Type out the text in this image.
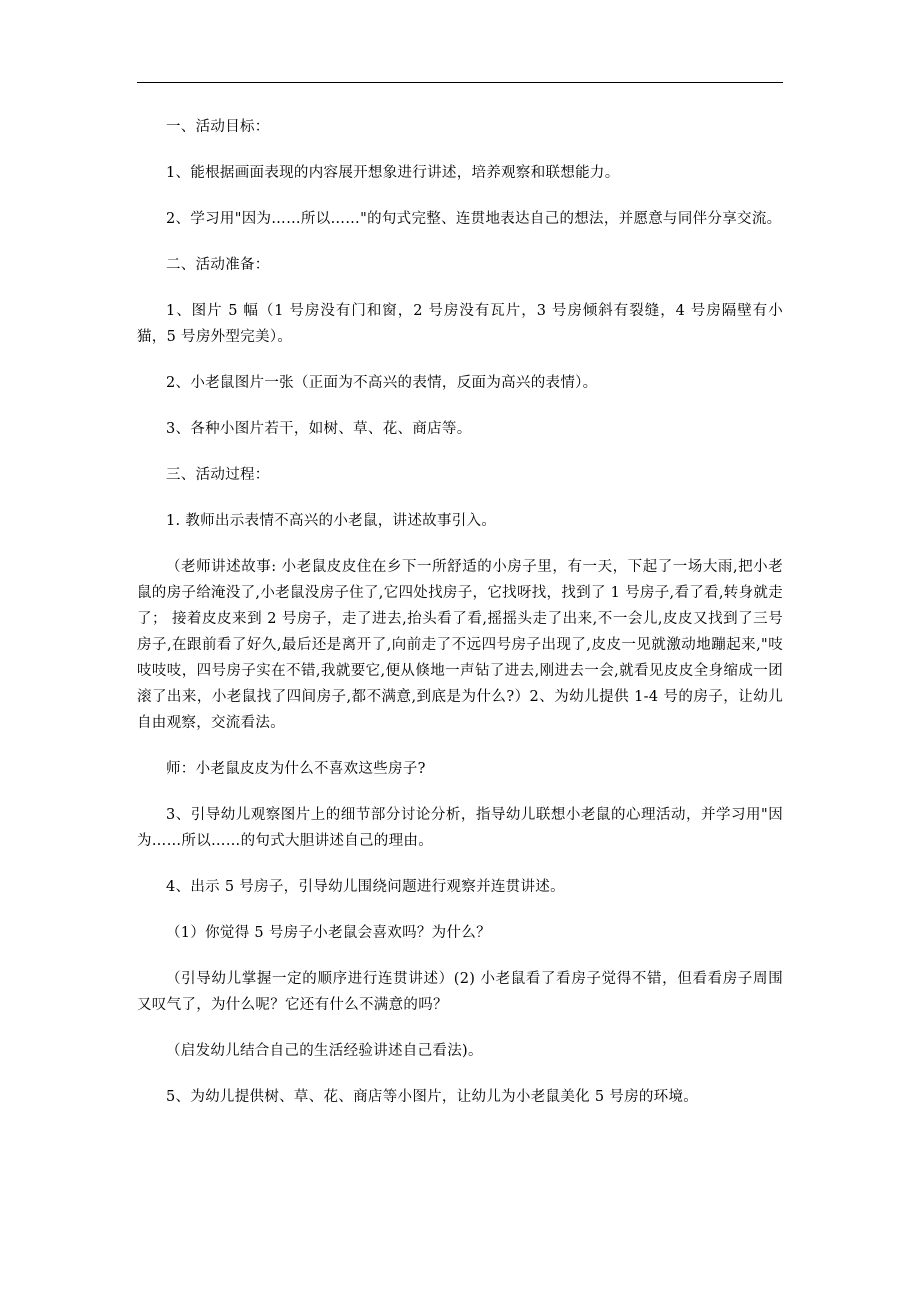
一、活动目标：

1、能根据画面表现的内容展开想象进行讲述，培养观察和联想能力。

2、学习用"因为……所以……"的句式完整、连贯地表达自己的想法，并愿意与同伴分享交流。

二、活动准备：

1、图片 5 幅（1 号房没有门和窗，2 号房没有瓦片，3 号房倾斜有裂缝，4 号房隔壁有小猫，5 号房外型完美）。

2、小老鼠图片一张（正面为不高兴的表情，反面为高兴的表情）。

3、各种小图片若干，如树、草、花、商店等。

三、活动过程：

1. 教师出示表情不高兴的小老鼠，讲述故事引入。

（老师讲述故事: 小老鼠皮皮住在乡下一所舒适的小房子里，有一天，下起了一场大雨,把小老鼠的房子给淹没了,小老鼠没房子住了,它四处找房子，它找呀找，找到了 1 号房子,看了看,转身就走了； 接着皮皮来到 2 号房子，走了进去,抬头看了看,摇摇头走了出来,不一会儿,皮皮又找到了三号房子,在跟前看了好久,最后还是离开了,向前走了不远四号房子出现了,皮皮一见就激动地蹦起来,"吱吱吱吱，四号房子实在不错,我就要它,便从倏地一声钻了进去,刚进去一会,就看见皮皮全身缩成一团滚了出来，小老鼠找了四间房子,都不满意,到底是为什么?）2、为幼儿提供 1-4 号的房子，让幼儿自由观察，交流看法。

师：小老鼠皮皮为什么不喜欢这些房子?

3、引导幼儿观察图片上的细节部分讨论分析，指导幼儿联想小老鼠的心理活动，并学习用"因为……所以……的句式大胆讲述自己的理由。

4、出示 5 号房子，引导幼儿围绕问题进行观察并连贯讲述。

（1）你觉得 5 号房子小老鼠会喜欢吗？为什么？

（引导幼儿掌握一定的顺序进行连贯讲述）(2) 小老鼠看了看房子觉得不错，但看看房子周围又叹气了，为什么呢？它还有什么不满意的吗？

（启发幼儿结合自己的生活经验讲述自己看法)。

5、为幼儿提供树、草、花、商店等小图片，让幼儿为小老鼠美化 5 号房的环境。
